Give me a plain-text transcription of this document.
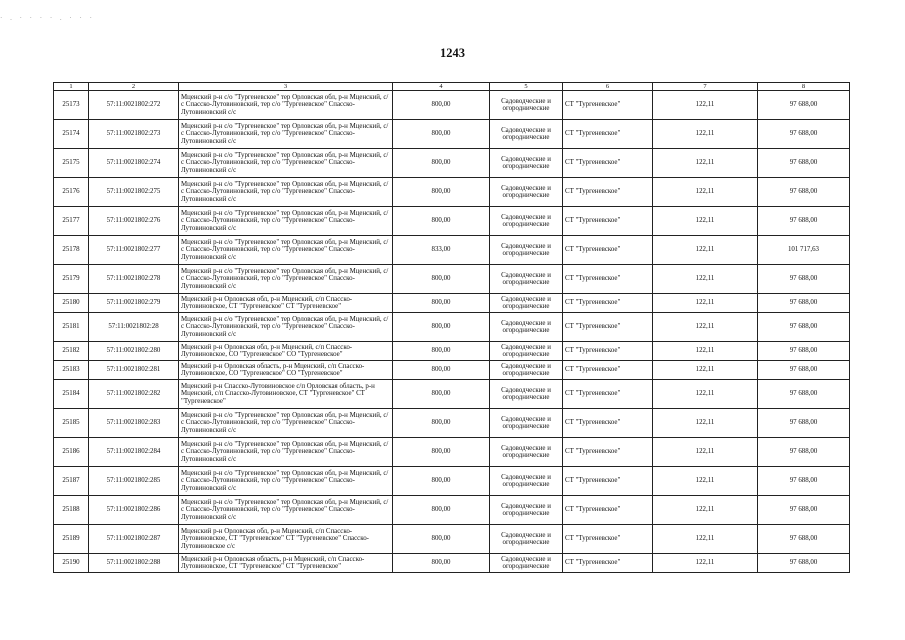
· . · · · · . · · ·
1243
1	2	3	4	5	6	7	8
25173	57:11:0021802:272	Мценский р-н с/о "Тургеневское" тер Орловская обл, р-н Мценский, с/с Спасско-Лутовиновский, тер с/о "Тургеневское" Спасско-Лутовиновский с/с	800,00	Садоводческие и огороднические	СТ "Тургеневское"	122,11	97 688,00
25174	57:11:0021802:273	Мценский р-н с/о "Тургеневское" тер Орловская обл, р-н Мценский, с/с Спасско-Лутовиновский, тер с/о "Тургеневское" Спасско-Лутовиновский с/с	800,00	Садоводческие и огороднические	СТ "Тургеневское"	122,11	97 688,00
25175	57:11:0021802:274	Мценский р-н с/о "Тургеневское" тер Орловская обл, р-н Мценский, с/с Спасско-Лутовиновский, тер с/о "Тургеневское" Спасско-Лутовиновский с/с	800,00	Садоводческие и огороднические	СТ "Тургеневское"	122,11	97 688,00
25176	57:11:0021802:275	Мценский р-н с/о "Тургеневское" тер Орловская обл, р-н Мценский, с/с Спасско-Лутовиновский, тер с/о "Тургеневское" Спасско-Лутовиновский с/с	800,00	Садоводческие и огороднические	СТ "Тургеневское"	122,11	97 688,00
25177	57:11:0021802:276	Мценский р-н с/о "Тургеневское" тер Орловская обл, р-н Мценский, с/с Спасско-Лутовиновский, тер с/о "Тургеневское" Спасско-Лутовиновский с/с	800,00	Садоводческие и огороднические	СТ "Тургеневское"	122,11	97 688,00
25178	57:11:0021802:277	Мценский р-н с/о "Тургеневское" тер Орловская обл, р-н Мценский, с/с Спасско-Лутовиновский, тер с/о "Тургеневское" Спасско-Лутовиновский с/с	833,00	Садоводческие и огороднические	СТ "Тургеневское"	122,11	101 717,63
25179	57:11:0021802:278	Мценский р-н с/о "Тургеневское" тер Орловская обл, р-н Мценский, с/с Спасско-Лутовиновский, тер с/о "Тургеневское" Спасско-Лутовиновский с/с	800,00	Садоводческие и огороднические	СТ "Тургеневское"	122,11	97 688,00
25180	57:11:0021802:279	Мценский р-н Орловская обл, р-н Мценский, с/п Спасско-Лутовиновское, СТ "Тургеневское" СТ "Тургеневское"	800,00	Садоводческие и огороднические	СТ "Тургеневское"	122,11	97 688,00
25181	57:11:0021802:28	Мценский р-н с/о "Тургеневское" тер Орловская обл, р-н Мценский, с/с Спасско-Лутовиновский, тер с/о "Тургеневское" Спасско-Лутовиновский с/с	800,00	Садоводческие и огороднические	СТ "Тургеневское"	122,11	97 688,00
25182	57:11:0021802:280	Мценский р-н Орловская обл, р-н Мценский, с/п Спасско-Лутовиновское, СО "Тургеневское" СО "Тургеневское"	800,00	Садоводческие и огороднические	СТ "Тургеневское"	122,11	97 688,00
25183	57:11:0021802:281	Мценский р-н Орловская область, р-н Мценский, с/п Спасско-Лутовиновское, СО "Тургеневское" СО "Тургеневское"	800,00	Садоводческие и огороднические	СТ "Тургеневское"	122,11	97 688,00
25184	57:11:0021802:282	Мценский р-н Спасско-Лутовиновское с/п Орловская область, р-н Мценский, с/п Спасско-Лутовиновское, СТ "Тургеневское" СТ "Тургеневское"	800,00	Садоводческие и огороднические	СТ "Тургеневское"	122,11	97 688,00
25185	57:11:0021802:283	Мценский р-н с/о "Тургеневское" тер Орловская обл, р-н Мценский, с/с Спасско-Лутовиновский, тер с/о "Тургеневское" Спасско-Лутовиновский с/с	800,00	Садоводческие и огороднические	СТ "Тургеневское"	122,11	97 688,00
25186	57:11:0021802:284	Мценский р-н с/о "Тургеневское" тер Орловская обл, р-н Мценский, с/с Спасско-Лутовиновский, тер с/о "Тургеневское" Спасско-Лутовиновский с/с	800,00	Садоводческие и огороднические	СТ "Тургеневское"	122,11	97 688,00
25187	57:11:0021802:285	Мценский р-н с/о "Тургеневское" тер Орловская обл, р-н Мценский, с/с Спасско-Лутовиновский, тер с/о "Тургеневское" Спасско-Лутовиновский с/с	800,00	Садоводческие и огороднические	СТ "Тургеневское"	122,11	97 688,00
25188	57:11:0021802:286	Мценский р-н с/о "Тургеневское" тер Орловская обл, р-н Мценский, с/с Спасско-Лутовиновский, тер с/о "Тургеневское" Спасско-Лутовиновский с/с	800,00	Садоводческие и огороднические	СТ "Тургеневское"	122,11	97 688,00
25189	57:11:0021802:287	Мценский р-н Орловская обл, р-н Мценский, с/п Спасско-Лутовиновское, СТ "Тургеневское" СТ "Тургеневское" Спасско-Лутовиновское с/с	800,00	Садоводческие и огороднические	СТ "Тургеневское"	122,11	97 688,00
25190	57:11:0021802:288	Мценский р-н Орловская область, р-н Мценский, с/п Спасско-Лутовиновское, СТ "Тургеневское" СТ "Тургеневское"	800,00	Садоводческие и огороднические	СТ "Тургеневское"	122,11	97 688,00
